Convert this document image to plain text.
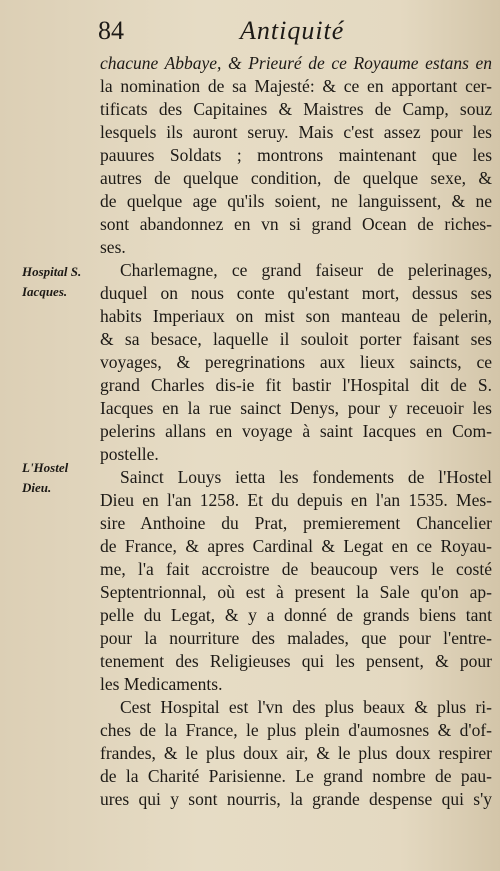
84	Antiquité
Hospital S.
Iacques.
L'Hostel
Dieu.
chacune Abbaye, & Prieuré de ce Royaume estans en
la nomination de sa Majesté: & ce en apportant cer-
tificats des Capitaines & Maistres de Camp, souz
lesquels ils auront seruy. Mais c'est assez pour les
pauures Soldats ; montrons maintenant que les
autres de quelque condition, de quelque sexe, &
de quelque age qu'ils soient, ne languissent, & ne
sont abandonnez en vn si grand Ocean de riches-
ses.
Charlemagne, ce grand faiseur de pelerinages,
duquel on nous conte qu'estant mort, dessus ses
habits Imperiaux on mist son manteau de pelerin,
& sa besace, laquelle il souloit porter faisant ses
voyages, & peregrinations aux lieux saincts, ce
grand Charles dis-ie fit bastir l'Hospital dit de S.
Iacques en la rue sainct Denys, pour y receuoir les
pelerins allans en voyage à saint Iacques en Com-
postelle.
Sainct Louys ietta les fondements de l'Hostel
Dieu en l'an 1258. Et du depuis en l'an 1535. Mes-
sire Anthoine du Prat, premierement Chancelier
de France, & apres Cardinal & Legat en ce Royau-
me, l'a fait accroistre de beaucoup vers le costé
Septentrionnal, où est à present la Sale qu'on ap-
pelle du Legat, & y a donné de grands biens tant
pour la nourriture des malades, que pour l'entre-
tenement des Religieuses qui les pensent, & pour
les Medicaments.
Cest Hospital est l'vn des plus beaux & plus ri-
ches de la France, le plus plein d'aumosnes & d'of-
frandes, & le plus doux air, & le plus doux respirer
de la Charité Parisienne. Le grand nombre de pau-
ures qui y sont nourris, la grande despense qui s'y
